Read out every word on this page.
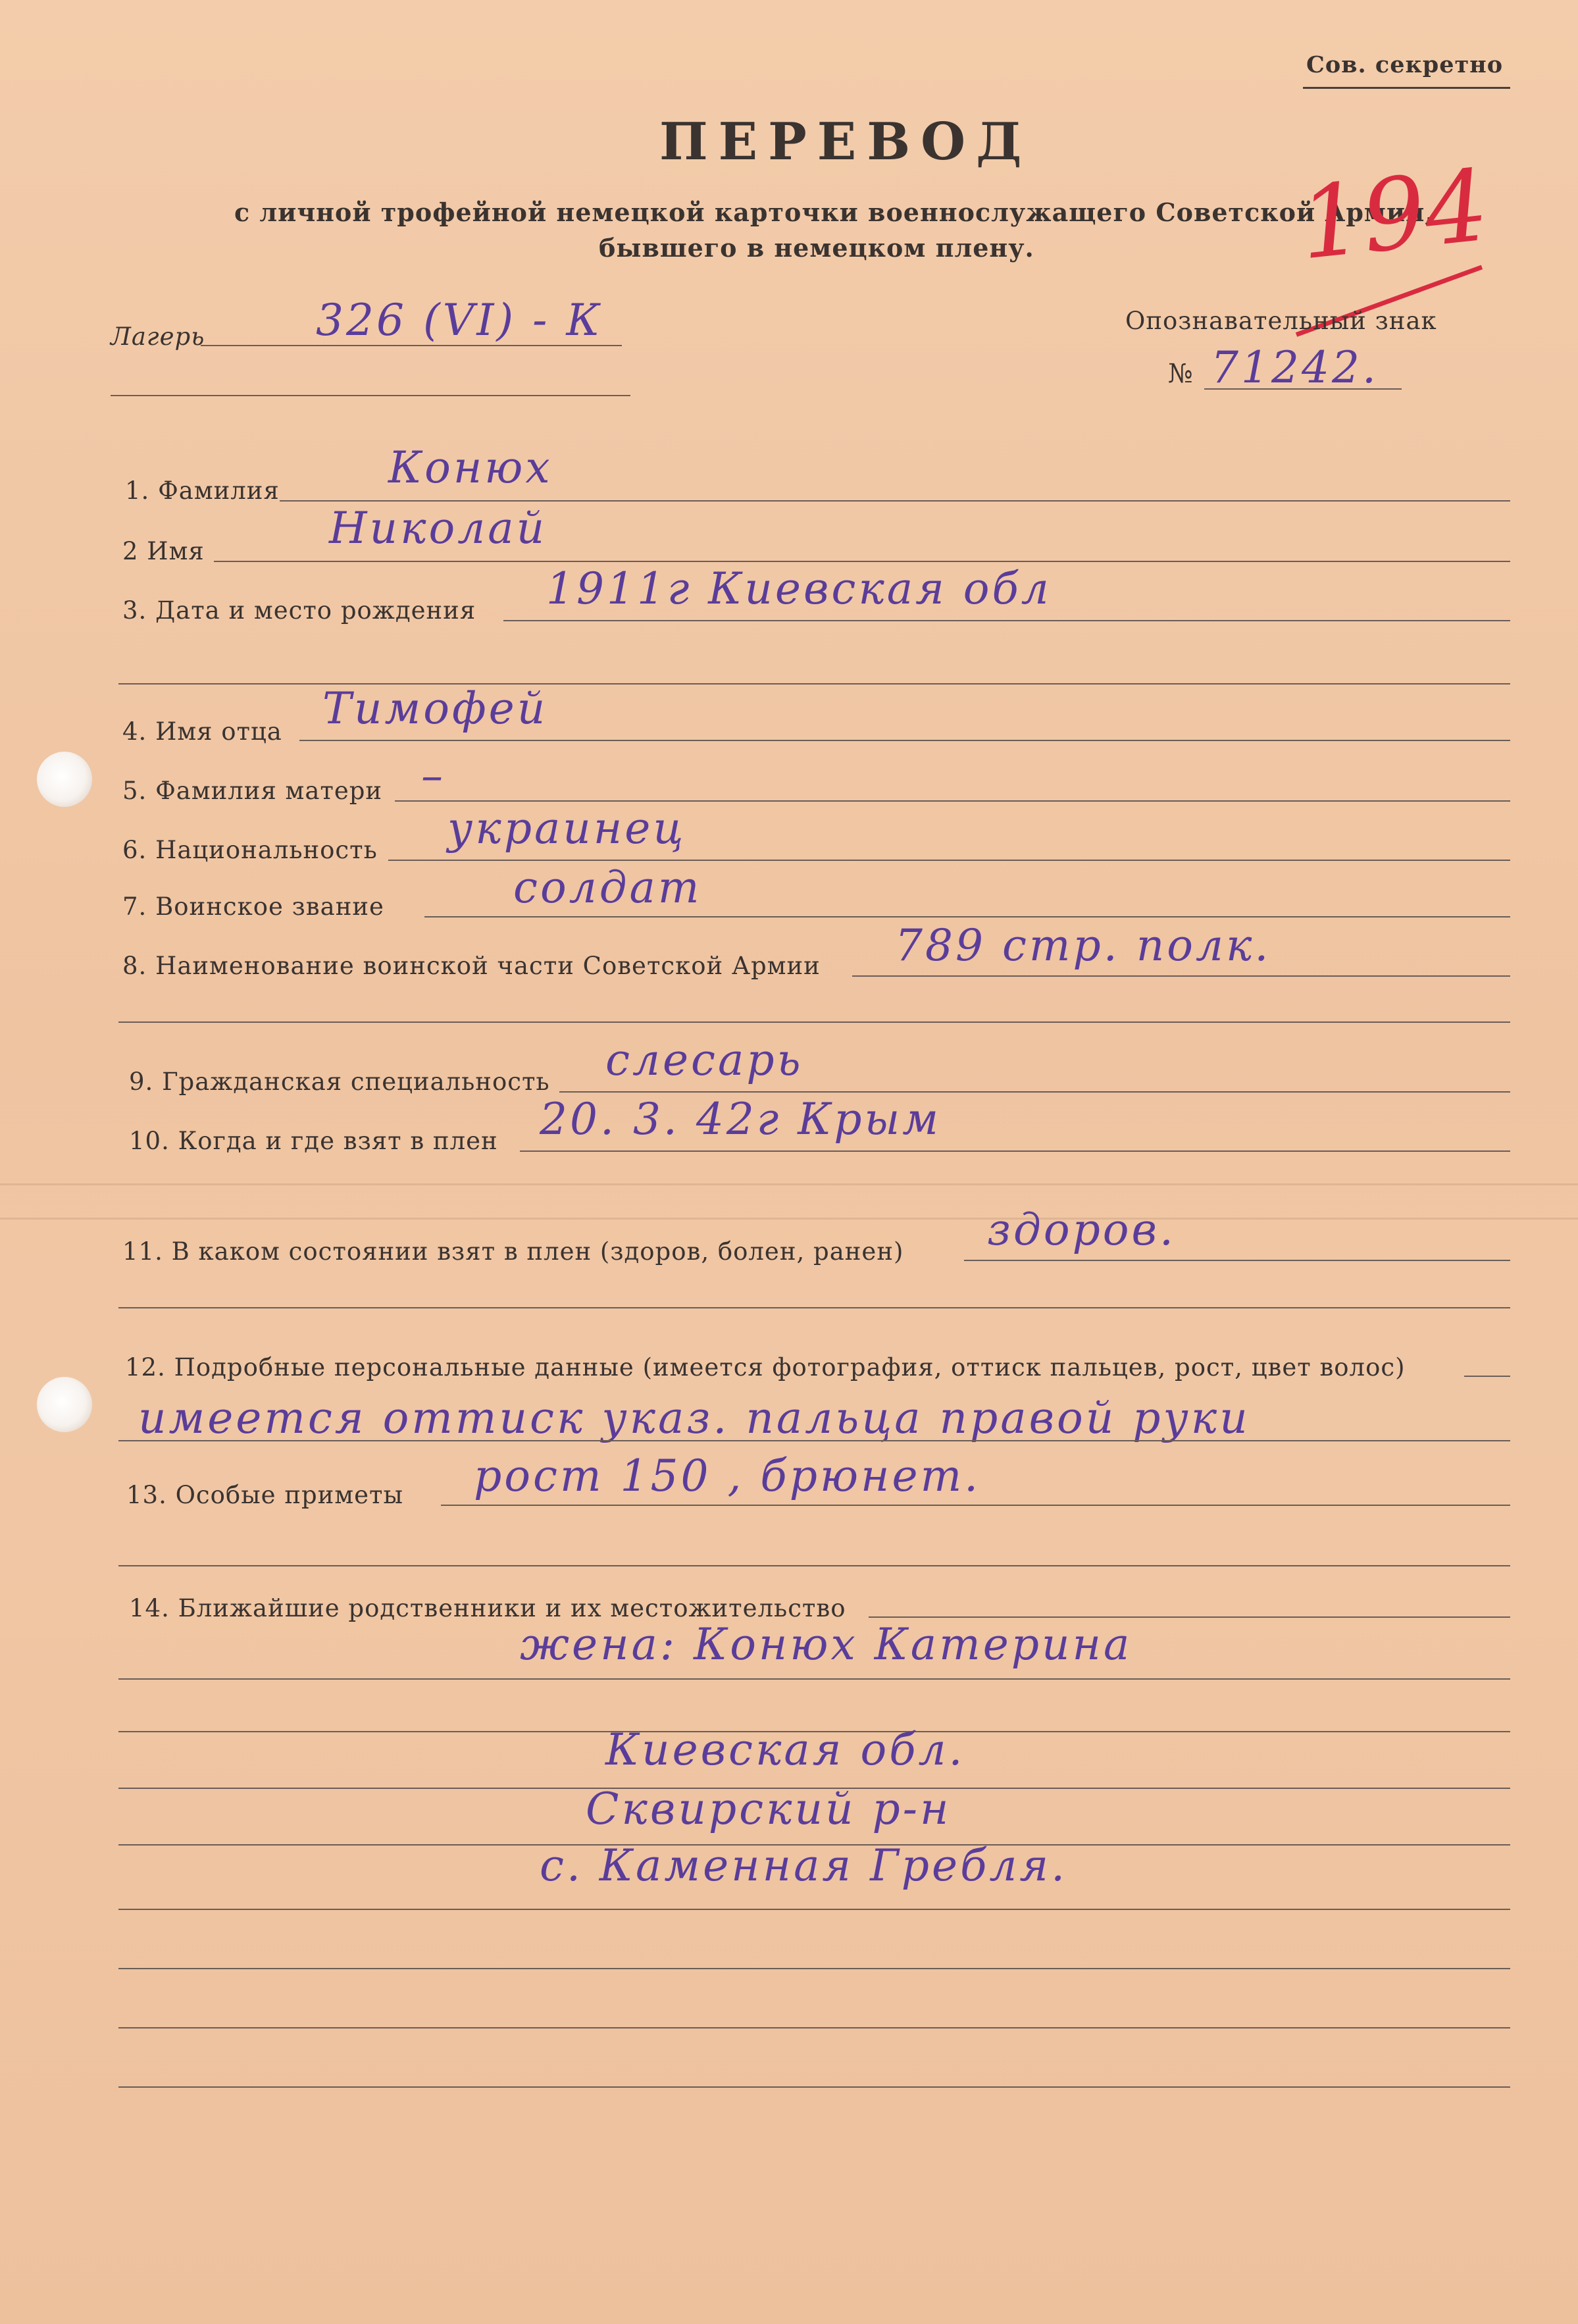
Сов. секретно
ПЕРЕВОД
с личной трофейной немецкой карточки военнослужащего Советской Армии,
бывшего в немецком плену.	194
Лагерь	326 (VI) - К	Опознавательный знак
№ 71242.
1. Фамилия	Конюх
2 Имя	Николай
3. Дата и место рождения 1911г Киевская обл
4. Имя отца Тимофей
5. Фамилия матери –
6. Национальность украинец
7. Воинское звание	солдат
8. Наименование воинской части Советской Армии 789 стр. полк.
9. Гражданская специальность слесарь
10. Когда и где взят в плен 20. 3. 42г Крым
11. В каком состоянии взят в плен (здоров, болен, ранен) здоров.
12. Подробные персональные данные (имеется фотография, оттиск пальцев, рост, цвет волос)
имеется оттиск указ. пальца правой руки
13. Особые приметы рост 150 , брюнет.
14. Ближайшие родственники и их местожительство
жена: Конюх Катерина
Киевская обл.
Сквирский р-н
с. Каменная Гребля.
